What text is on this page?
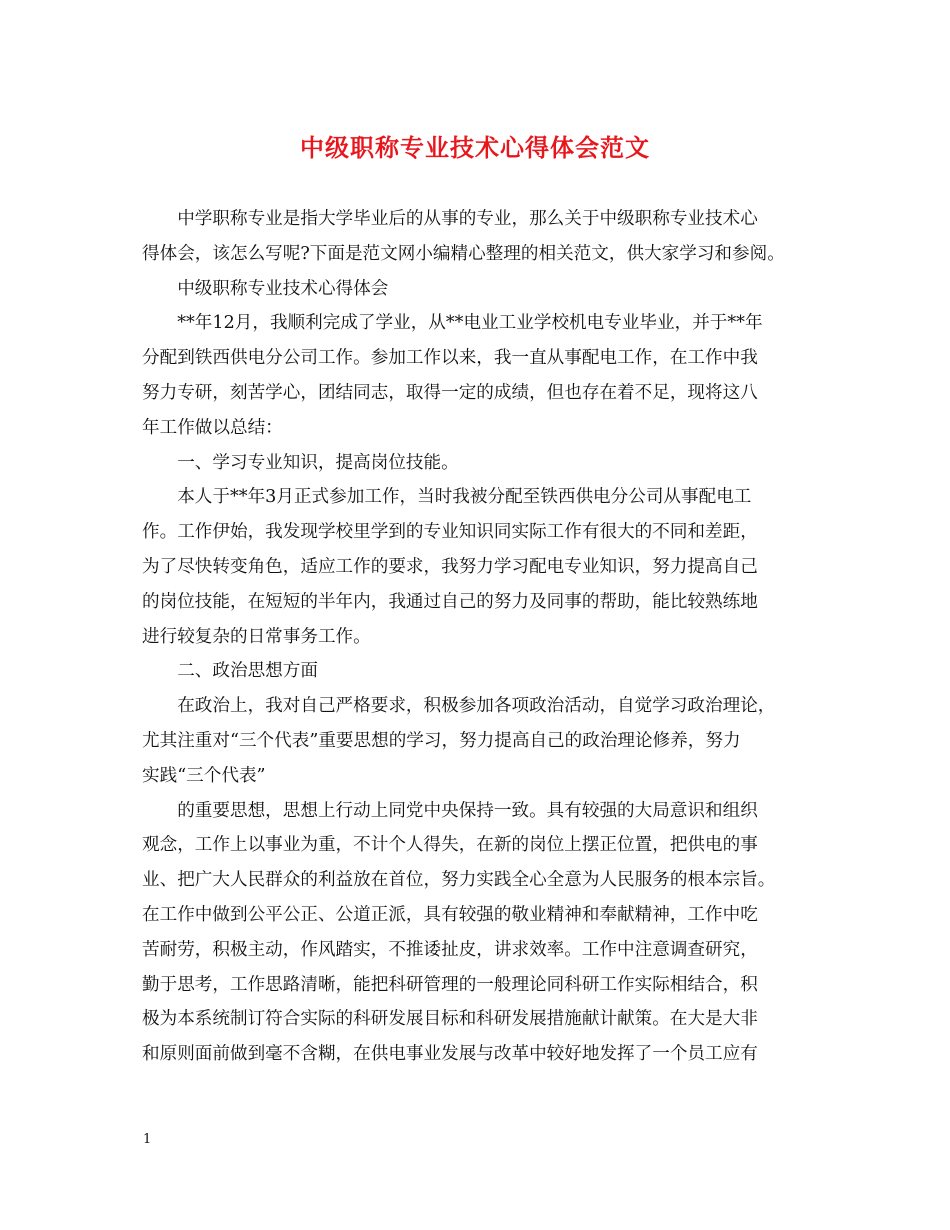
中级职称专业技术心得体会范文
中学职称专业是指大学毕业后的从事的专业，那么关于中级职称专业技术心
得体会，该怎么写呢?下面是范文网小编精心整理的相关范文，供大家学习和参阅。
中级职称专业技术心得体会
**年12月，我顺利完成了学业，从**电业工业学校机电专业毕业，并于**年
分配到铁西供电分公司工作。参加工作以来，我一直从事配电工作，在工作中我
努力专研，刻苦学心，团结同志，取得一定的成绩，但也存在着不足，现将这八
年工作做以总结：
一、学习专业知识，提高岗位技能。
本人于**年3月正式参加工作，当时我被分配至铁西供电分公司从事配电工
作。工作伊始，我发现学校里学到的专业知识同实际工作有很大的不同和差距，
为了尽快转变角色，适应工作的要求，我努力学习配电专业知识，努力提高自己
的岗位技能，在短短的半年内，我通过自己的努力及同事的帮助，能比较熟练地
进行较复杂的日常事务工作。
二、政治思想方面
在政治上，我对自己严格要求，积极参加各项政治活动，自觉学习政治理论，
尤其注重对“三个代表”重要思想的学习，努力提高自己的政治理论修养，努力
实践“三个代表”
的重要思想，思想上行动上同党中央保持一致。具有较强的大局意识和组织
观念，工作上以事业为重，不计个人得失，在新的岗位上摆正位置，把供电的事
业、把广大人民群众的利益放在首位，努力实践全心全意为人民服务的根本宗旨。
在工作中做到公平公正、公道正派，具有较强的敬业精神和奉献精神，工作中吃
苦耐劳，积极主动，作风踏实，不推诿扯皮，讲求效率。工作中注意调查研究，
勤于思考，工作思路清晰，能把科研管理的一般理论同科研工作实际相结合，积
极为本系统制订符合实际的科研发展目标和科研发展措施献计献策。在大是大非
和原则面前做到毫不含糊，在供电事业发展与改革中较好地发挥了一个员工应有
1
